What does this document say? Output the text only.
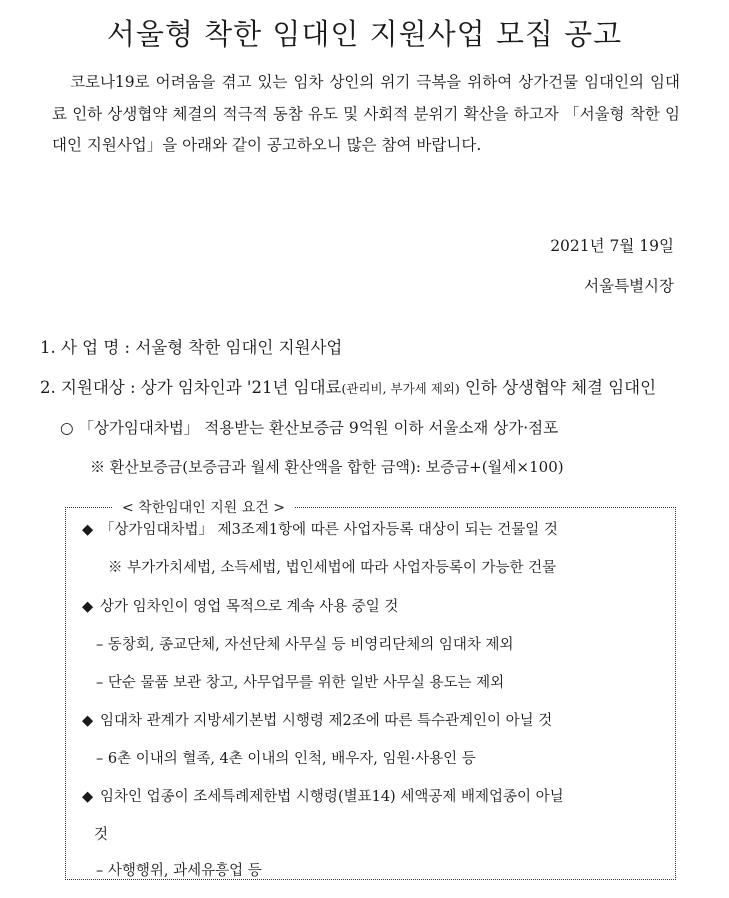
서울형 착한 임대인 지원사업 모집 공고

코로나19로 어려움을 겪고 있는 임차 상인의 위기 극복을 위하여 상가건물 임대인의 임대료 인하 상생협약 체결의 적극적 동참 유도 및 사회적 분위기 확산을 하고자 「서울형 착한 임대인 지원사업」을 아래와 같이 공고하오니 많은 참여 바랍니다.

2021년 7월 19일
서울특별시장
1. 사 업 명 : 서울형 착한 임대인 지원사업
2. 지원대상 : 상가 임차인과 '21년 임대료(관리비, 부가세 제외) 인하 상생협약 체결 임대인
○ 「상가임대차법」 적용받는 환산보증금 9억원 이하 서울소재 상가·점포
※ 환산보증금(보증금과 월세 환산액을 합한 금액): 보증금+(월세×100)
< 착한임대인 지원 요건 >
◆ 「상가임대차법」 제3조제1항에 따른 사업자등록 대상이 되는 건물일 것
※ 부가가치세법, 소득세법, 법인세법에 따라 사업자등록이 가능한 건물
◆ 상가 임차인이 영업 목적으로 계속 사용 중일 것
– 동창회, 종교단체, 자선단체 사무실 등 비영리단체의 임대차 제외
– 단순 물품 보관 창고, 사무업무를 위한 일반 사무실 용도는 제외
◆ 임대차 관계가 지방세기본법 시행령 제2조에 따른 특수관계인이 아닐 것
– 6촌 이내의 혈족, 4촌 이내의 인척, 배우자, 임원·사용인 등
◆ 임차인 업종이 조세특례제한법 시행령(별표14) 세액공제 배제업종이 아닐
것
– 사행행위, 과세유흥업 등
